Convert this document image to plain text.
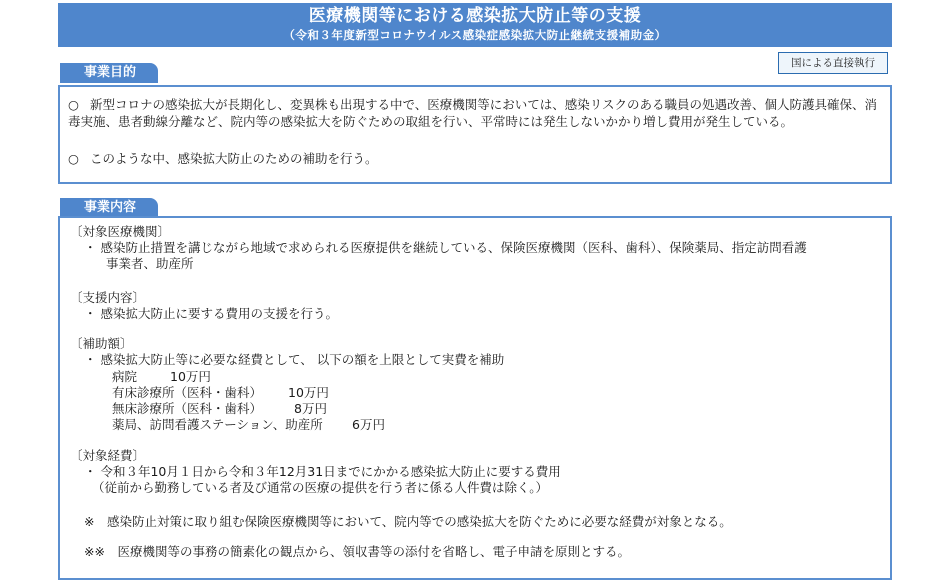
医療機関等における感染拡大防止等の支援
（令和３年度新型コロナウイルス感染症感染拡大防止継続支援補助金）
国による直接執行
事業目的
○ 新型コロナの感染拡大が長期化し、変異株も出現する中で、医療機関等においては、感染リスクのある職員の処遇改善、個人防護具確保、消毒実施、患者動線分離など、院内等の感染拡大を防ぐための取組を行い、平常時には発生しないかかり増し費用が発生している。
○ このような中、感染拡大防止のための補助を行う。
事業内容
〔対象医療機関〕
・ 感染防止措置を講じながら地域で求められる医療提供を継続している、保険医療機関（医科、歯科）、保険薬局、指定訪問看護
事業者、助産所
〔支援内容〕
・ 感染拡大防止に要する費用の支援を行う。
〔補助額〕
・ 感染拡大防止等に必要な経費として、 以下の額を上限として実費を補助
病院	10万円
有床診療所（医科・歯科） 10万円
無床診療所（医科・歯科）	8万円
薬局、訪問看護ステーション、助産所 6万円
〔対象経費〕
・ 令和３年10月１日から令和３年12月31日までにかかる感染拡大防止に要する費用
（従前から勤務している者及び通常の医療の提供を行う者に係る人件費は除く。）
※　感染防止対策に取り組む保険医療機関等において、院内等での感染拡大を防ぐために必要な経費が対象となる。
※※　医療機関等の事務の簡素化の観点から、領収書等の添付を省略し、電子申請を原則とする。
